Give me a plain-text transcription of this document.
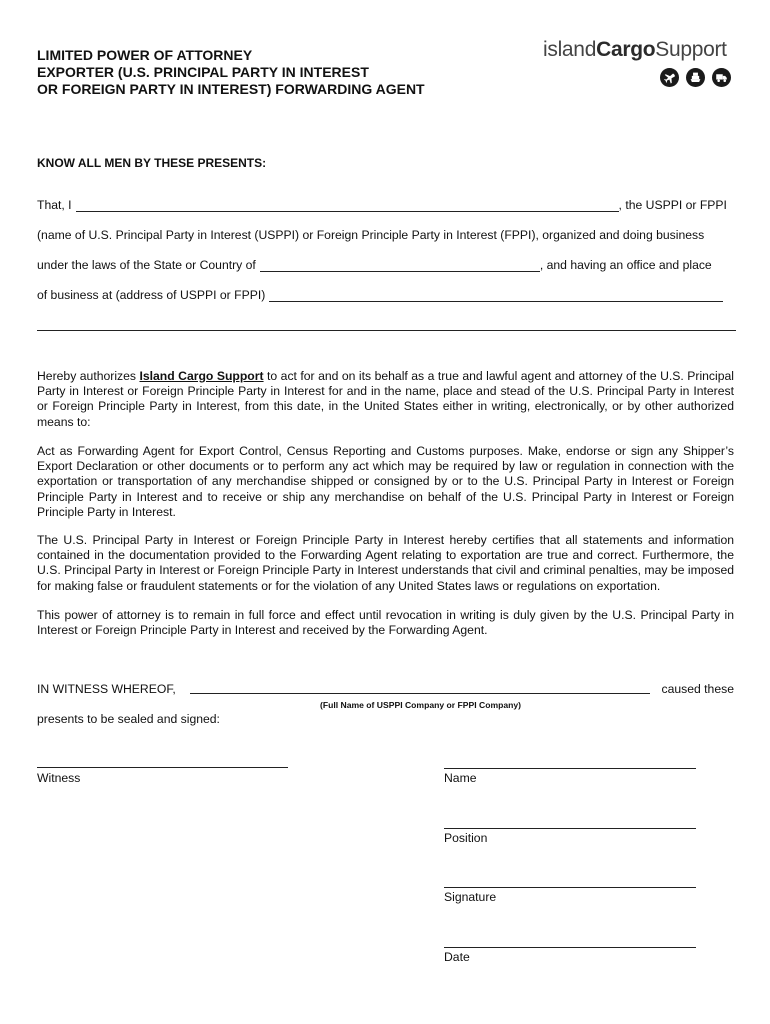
LIMITED POWER OF ATTORNEY
EXPORTER (U.S. PRINCIPAL PARTY IN INTEREST
OR FOREIGN PARTY IN INTEREST) FORWARDING AGENT
islandCargoSupport
KNOW ALL MEN BY THESE PRESENTS:
That, I	, the USPPI or FPPI
(name of U.S. Principal Party in Interest (USPPI) or Foreign Principle Party in Interest (FPPI), organized and doing business
under the laws of the State or Country of	, and having an office and place
of business at (address of USPPI or FPPI)

Hereby authorizes Island Cargo Support to act for and on its behalf as a true and lawful agent and attorney of the U.S. Principal Party in Interest or Foreign Principle Party in Interest for and in the name, place and stead of the U.S. Principal Party in Interest or Foreign Principle Party in Interest, from this date, in the United States either in writing, electronically, or by other authorized means to:

Act as Forwarding Agent for Export Control, Census Reporting and Customs purposes. Make, endorse or sign any Shipper’s Export Declaration or other documents or to perform any act which may be required by law or regulation in connection with the exportation or transportation of any merchandise shipped or consigned by or to the U.S. Principal Party in Interest or Foreign Principle Party in Interest and to receive or ship any merchandise on behalf of the U.S. Principal Party in Interest or Foreign Principle Party in Interest.

The U.S. Principal Party in Interest or Foreign Principle Party in Interest hereby certifies that all statements and information contained in the documentation provided to the Forwarding Agent relating to exportation are true and correct. Furthermore, the U.S. Principal Party in Interest or Foreign Principle Party in Interest understands that civil and criminal penalties, may be imposed for making false or fraudulent statements or for the violation of any United States laws or regulations on exportation.

This power of attorney is to remain in full force and effect until revocation in writing is duly given by the U.S. Principal Party in Interest or Foreign Principle Party in Interest and received by the Forwarding Agent.

IN WITNESS WHEREOF,	caused these
(Full Name of USPPI Company or FPPI Company)
presents to be sealed and signed:
Witness	Name
Position
Signature
Date
